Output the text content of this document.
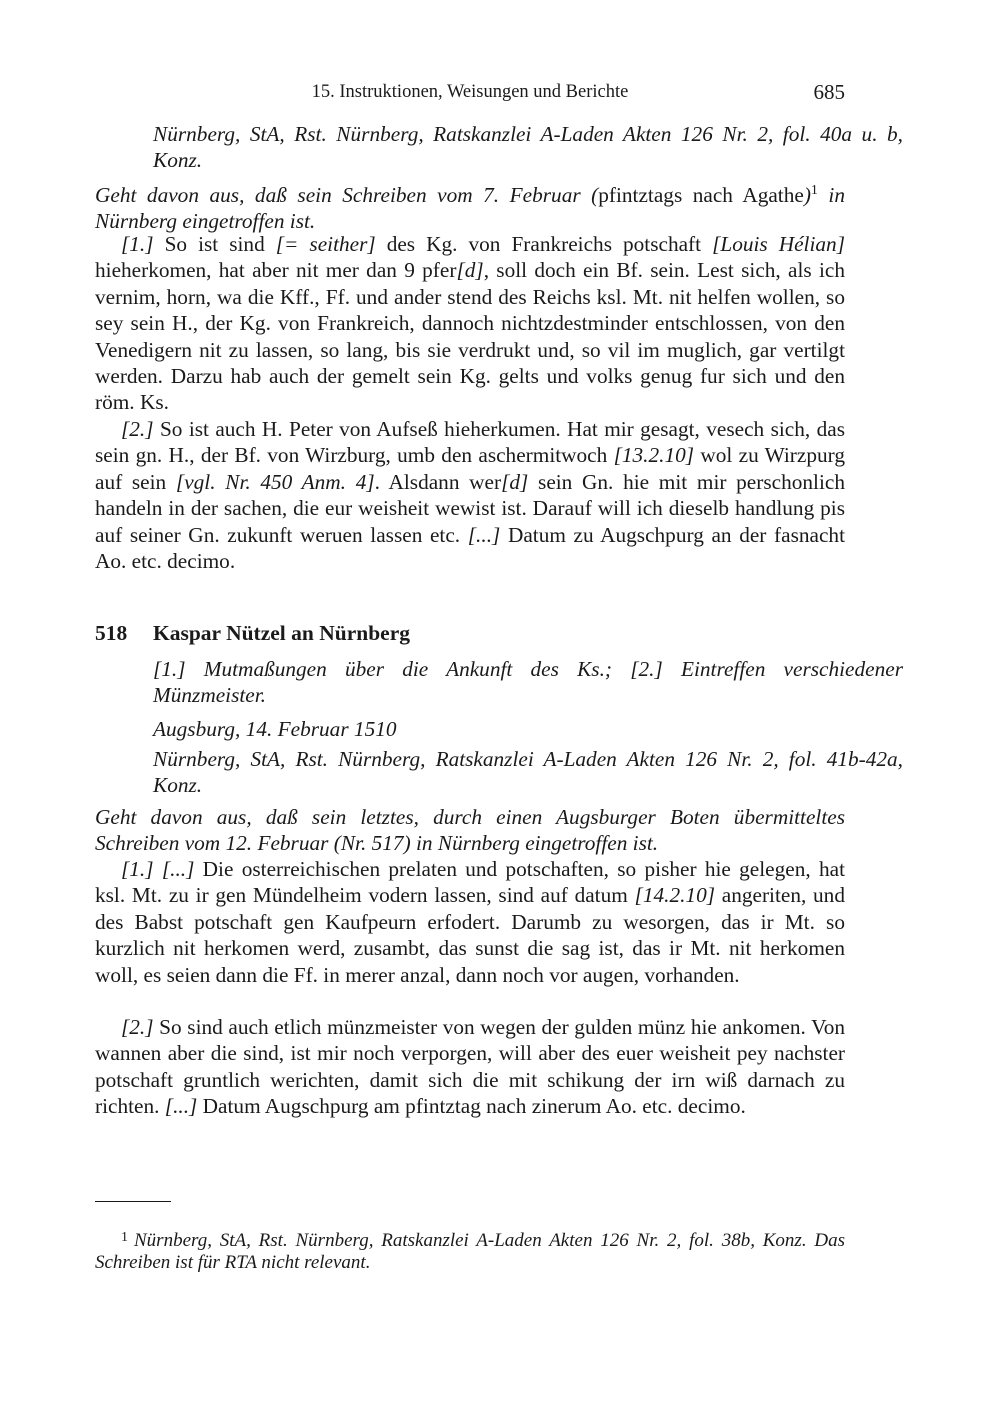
15. Instruktionen, Weisungen und Berichte	685

Nürnberg, StA, Rst. Nürnberg, Ratskanzlei A-Laden Akten 126 Nr. 2, fol. 40a u. b, Konz.

Geht davon aus, daß sein Schreiben vom 7. Februar (pfintztags nach Agathe)$^1$ in Nürnberg eingetroffen ist.

[1.] So ist sind [= seither] des Kg. von Frankreichs potschaft [Louis Hélian] hieherkomen, hat aber nit mer dan 9 pfer[d], soll doch ein Bf. sein. Lest sich, als ich vernim, horn, wa die Kff., Ff. und ander stend des Reichs ksl. Mt. nit helfen wollen, so sey sein H., der Kg. von Frankreich, dannoch nichtzdestminder entschlossen, von den Venedigern nit zu lassen, so lang, bis sie verdrukt und, so vil im muglich, gar vertilgt werden. Darzu hab auch der gemelt sein Kg. gelts und volks genug fur sich und den röm. Ks.

[2.] So ist auch H. Peter von Aufseß hieherkumen. Hat mir gesagt, vesech sich, das sein gn. H., der Bf. von Wirzburg, umb den aschermitwoch [13.2.10] wol zu Wirzpurg auf sein [vgl. Nr. 450 Anm. 4]. Alsdann wer[d] sein Gn. hie mit mir perschonlich handeln in der sachen, die eur weisheit wewist ist. Darauf will ich dieselb handlung pis auf seiner Gn. zukunft weruen lassen etc. [...] Datum zu Augschpurg an der fasnacht Ao. etc. decimo.

518 Kaspar Nützel an Nürnberg

[1.] Mutmaßungen über die Ankunft des Ks.; [2.] Eintreffen verschiedener Münzmeister.

Augsburg, 14. Februar 1510

Nürnberg, StA, Rst. Nürnberg, Ratskanzlei A-Laden Akten 126 Nr. 2, fol. 41b-42a, Konz.

Geht davon aus, daß sein letztes, durch einen Augsburger Boten übermitteltes Schreiben vom 12. Februar (Nr. 517) in Nürnberg eingetroffen ist.

[1.] [...] Die osterreichischen prelaten und potschaften, so pisher hie gelegen, hat ksl. Mt. zu ir gen Mündelheim vodern lassen, sind auf datum [14.2.10] angeriten, und des Babst potschaft gen Kaufpeurn erfodert. Darumb zu wesorgen, das ir Mt. so kurzlich nit herkomen werd, zusambt, das sunst die sag ist, das ir Mt. nit herkomen woll, es seien dann die Ff. in merer anzal, dann noch vor augen, vorhanden.

[2.] So sind auch etlich münzmeister von wegen der gulden münz hie ankomen. Von wannen aber die sind, ist mir noch verporgen, will aber des euer weisheit pey nachster potschaft gruntlich werichten, damit sich die mit schikung der irn wiß darnach zu richten. [...] Datum Augschpurg am pfintztag nach zinerum Ao. etc. decimo.

$^1$ Nürnberg, StA, Rst. Nürnberg, Ratskanzlei A-Laden Akten 126 Nr. 2, fol. 38b, Konz. Das Schreiben ist für RTA nicht relevant.
